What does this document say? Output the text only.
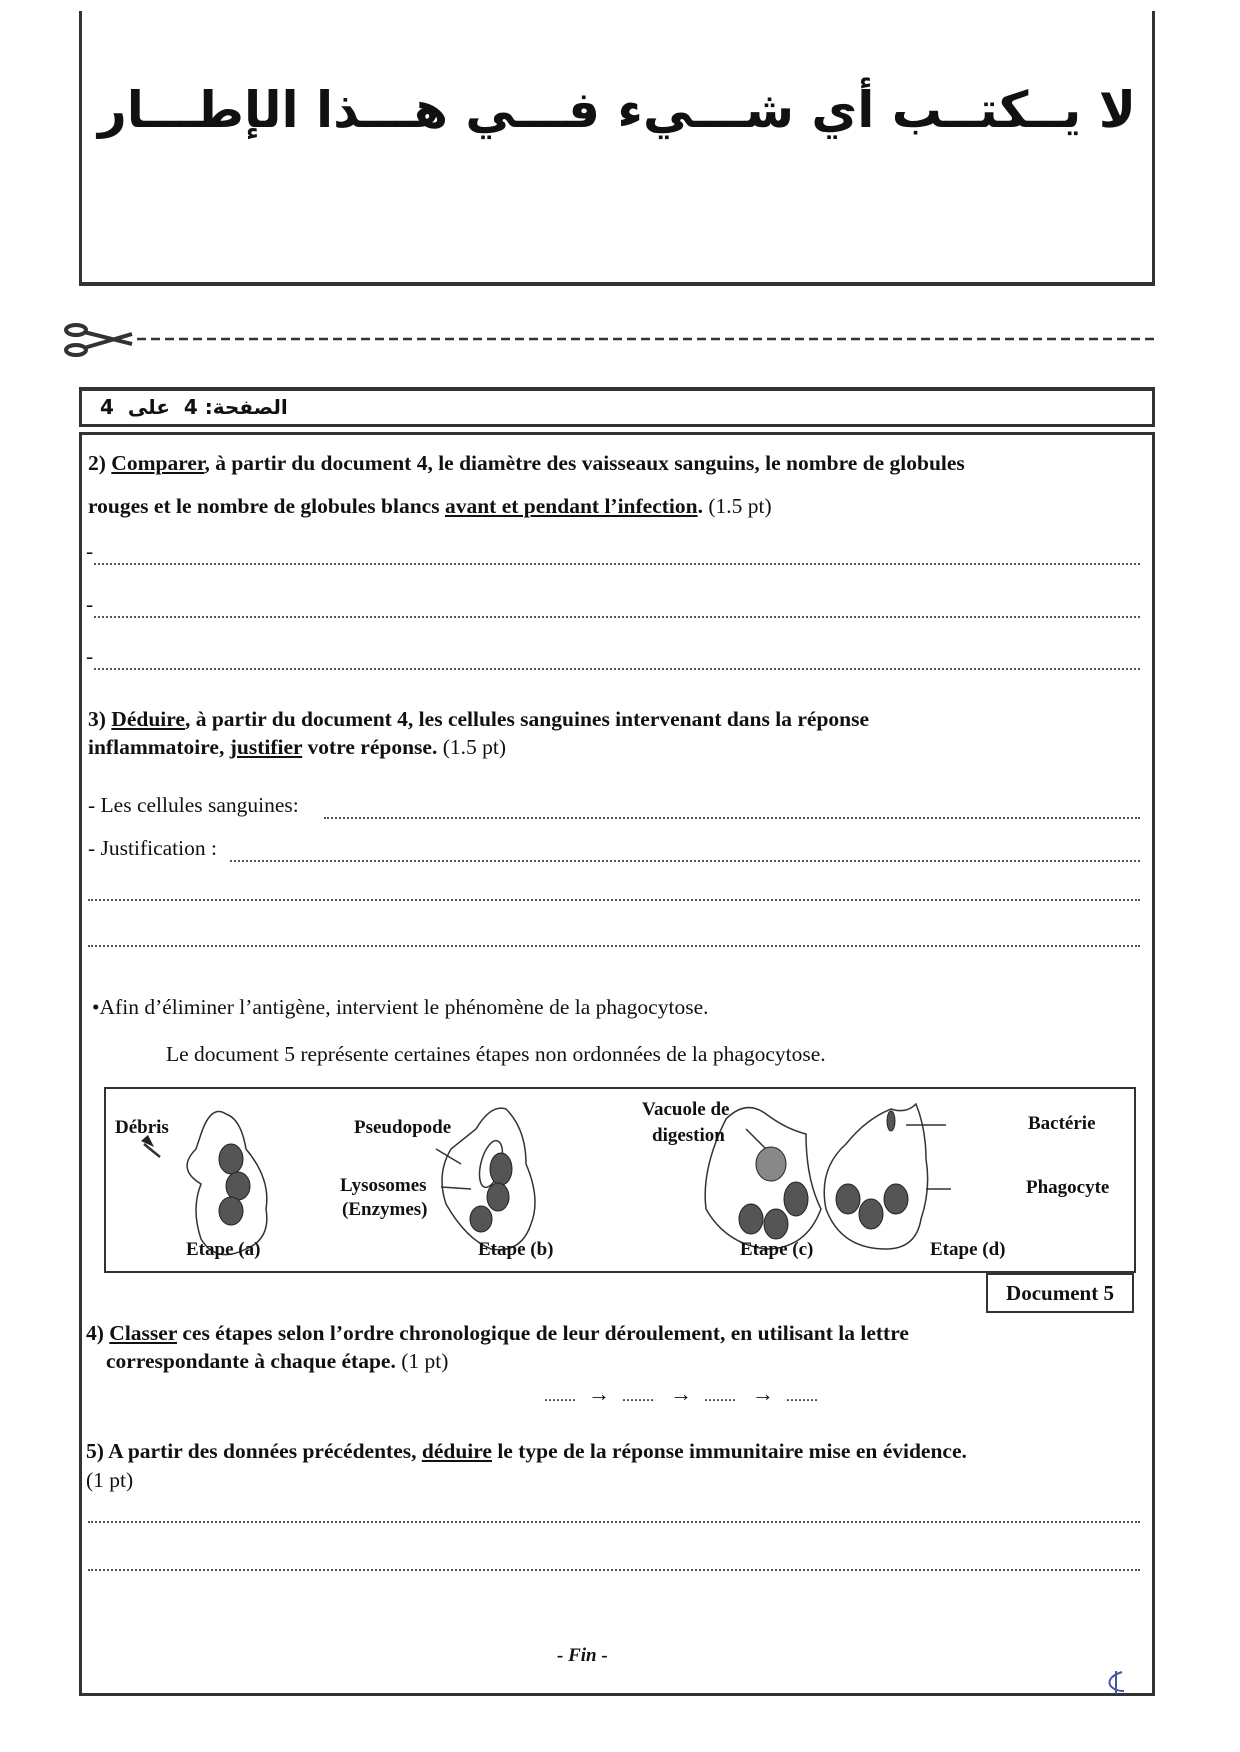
لا يــكتــب أي شـــيء فـــي هـــذا الإطـــار
الصفحة: 4  على  4
2) Comparer, à partir du document 4, le diamètre des vaisseaux sanguins, le nombre de globules
rouges et le nombre de globules blancs avant et pendant l’infection. (1.5 pt)
-
-
-
3) Déduire, à partir du document 4, les cellules sanguines intervenant dans la réponse
inflammatoire, justifier votre réponse. (1.5 pt)
- Les cellules sanguines:
- Justification :
•Afin d’éliminer l’antigène, intervient le phénomène de la phagocytose.
Le document 5 représente certaines étapes non ordonnées de la phagocytose.
Débris	Pseudopode
Lysosomes
(Enzymes)
Vacuole de
digestion
Bactérie
Phagocyte
Etape (a)	Etape (b)	Etape (c)	Etape (d)
Document 5
4) Classer ces étapes selon l’ordre chronologique de leur déroulement, en utilisant la lettre
correspondante à chaque étape. (1 pt)
........ → ........ → ........ → ........
5) A partir des données précédentes, déduire le type de la réponse immunitaire mise en évidence.
(1 pt)
- Fin -
